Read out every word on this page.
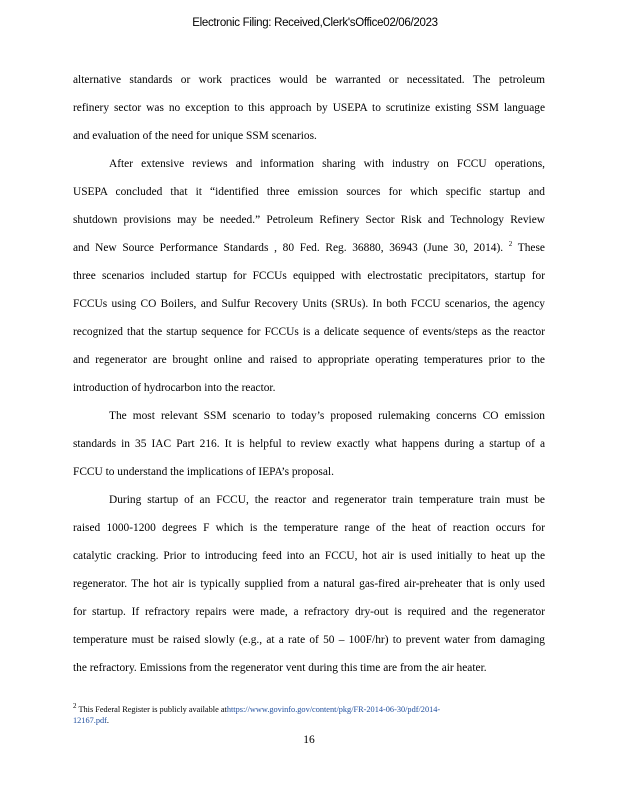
Electronic Filing: Received,Clerk'sOffice02/06/2023
alternative standards or work practices would be warranted or necessitated. The petroleum
refinery sector was no exception to this approach by USEPA to scrutinize existing SSM language
and evaluation of the need for unique SSM scenarios.
After extensive reviews and information sharing with industry on FCCU operations,
USEPA concluded that it “identified three emission sources for which specific startup and
shutdown provisions may be needed.” Petroleum Refinery Sector Risk and Technology Review
and New Source Performance Standards , 80 Fed. Reg. 36880, 36943 (June 30, 2014). $^2$ These
three scenarios included startup for FCCUs equipped with electrostatic precipitators, startup for
FCCUs using CO Boilers, and Sulfur Recovery Units (SRUs). In both FCCU scenarios, the agency
recognized that the startup sequence for FCCUs is a delicate sequence of events/steps as the reactor
and regenerator are brought online and raised to appropriate operating temperatures prior to the
introduction of hydrocarbon into the reactor.
The most relevant SSM scenario to today’s proposed rulemaking concerns CO emission
standards in 35 IAC Part 216. It is helpful to review exactly what happens during a startup of a
FCCU to understand the implications of IEPA’s proposal.
During startup of an FCCU, the reactor and regenerator train temperature train must be
raised 1000-1200 degrees F which is the temperature range of the heat of reaction occurs for
catalytic cracking. Prior to introducing feed into an FCCU, hot air is used initially to heat up the
regenerator. The hot air is typically supplied from a natural gas-fired air-preheater that is only used
for startup. If refractory repairs were made, a refractory dry-out is required and the regenerator
temperature must be raised slowly (e.g., at a rate of 50 – 100F/hr) to prevent water from damaging
the refractory. Emissions from the regenerator vent during this time are from the air heater.
$^2$ This Federal Register is publicly available athttps://www.govinfo.gov/content/pkg/FR-2014-06-30/pdf/2014-
12167.pdf.
16
